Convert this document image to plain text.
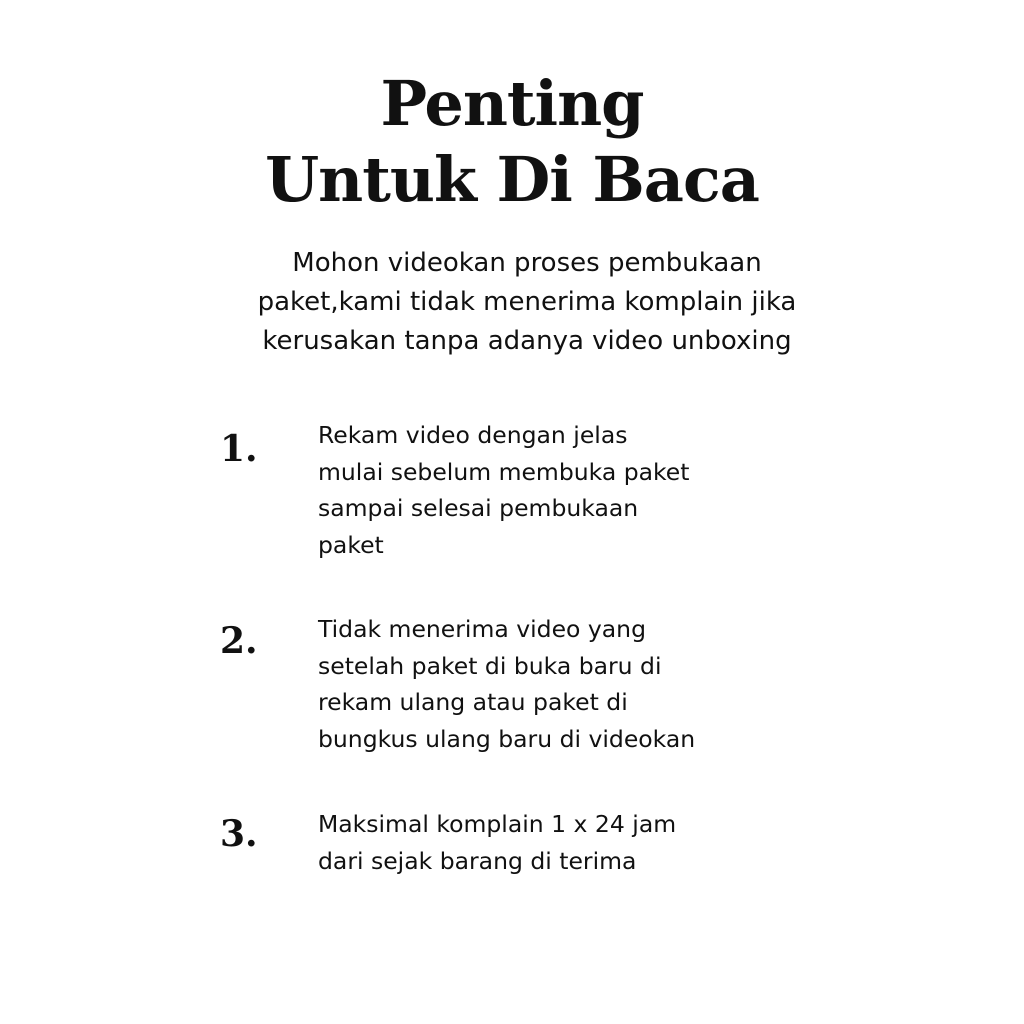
Penting
Untuk Di Baca

Mohon videokan proses pembukaan
paket,kami tidak menerima komplain jika
kerusakan tanpa adanya video unboxing

1.	Rekam video dengan jelas
mulai sebelum membuka paket
sampai selesai pembukaan
paket

2.	Tidak menerima video yang
setelah paket di buka baru di
rekam ulang atau paket di
bungkus ulang baru di videokan

3.	Maksimal komplain 1 x 24 jam
dari sejak barang di terima
